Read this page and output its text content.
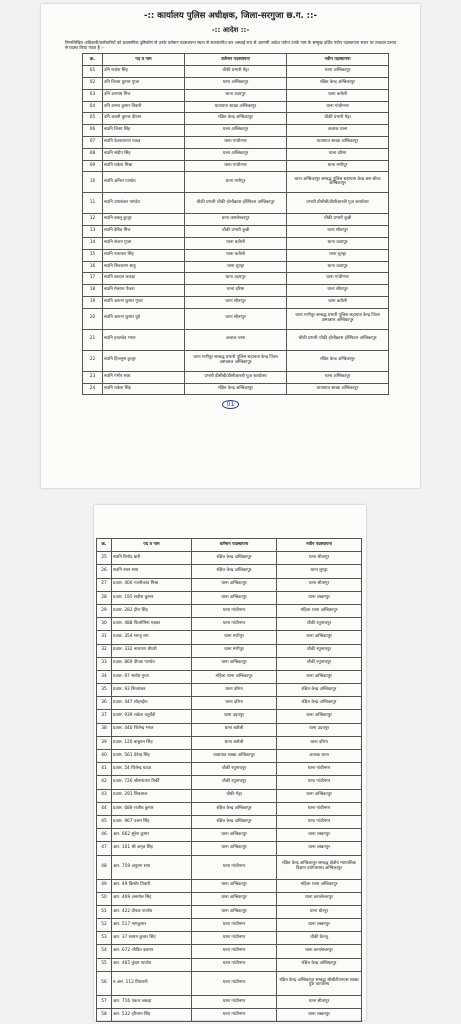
-:: कार्यालय पुलिस अधीक्षक, जिला-सरगुजा छ.ग. ::-
-:: आदेश ::-
निम्नलिखित अधिकारी/कर्मचारियों को प्रशासनिक दृष्टिकोण से उनके वर्तमान पदस्थापना स्थान से स्थानांतरित कर अस्थाई रूप से आगामी आदेश पर्यन्त उनके नाम के सम्मुख दर्शित नवीन पदस्थापना स्थान पर तत्काल प्रभाव से पदस्थ किया जाता है :-
क्र.	पद व नाम	वर्तमान पदस्थापना	नवीन पदस्थापना
01	उनि राजेश सिंह	चौकी प्रभारी मेंड्रा	थाना अम्बिकापुर
02	उनि विजय कुमार गुप्ता	थाना अम्बिकापुर	रक्षित केन्द्र अम्बिकापुर
03	उनि आभाष मिंज	थाना उदयपुर	थाना बतौली
04	उनि अभय कुमार तिवारी	यातायात शाखा अम्बिकापुर	थाना गांधीनगर
05	उनि अवनी कुमार दीवान	रक्षित केन्द्र अम्बिकापुर	चौकी प्रभारी मेंड्रा
06	सउनि विनय सिंह	थाना अम्बिकापुर	अजाक थाना
07	सउनि देवनारायण यादव	थाना गांधीनगर	यातायात शाखा अम्बिकापुर
08	सउनि संदीप सिंह	थाना अम्बिकापुर	थाना दरिमा
09	सउनि राकेश मिश्रा	थाना गांधीनगर	थाना मणीपुर
10	सउनि अनिल पाण्डेय	थाना मणीपुर	थाना अम्बिकापुर सम्बद्ध पुलिस सहायता केन्द्र बस स्टैण्ड अम्बिकापुर
11	सउनि उमाशंकर पाण्डेय	चौकी प्रभारी चौकी होलीक्रास हॉस्पिटल अम्बिकापुर	प्रभारी डीसीबी/डीसीआरबी पुअ कार्यालय
12	सउनि बबलू कुजूर	थाना कमलेश्वरपुर	चौकी प्रभारी कुन्नी
13	सउनि डेविड मिंज	चौकी प्रभारी कुन्नी	थाना सीतापुर
14	सउनि संजय गुप्ता	थाना बतौली	थाना उदयपुर
15	सउनि नारायण सिंह	थाना बतौली	थाना लुण्ड्रा
16	सउनि शिवचरण साहू	थाना लुण्ड्रा	थाना उदयपुर
17	सउनि बरदान लकड़ा	थाना उदयपुर	थाना गांधीनगर
18	सउनि मेतराम पैकरा	थाना दरिमा	थाना सीतापुर
19	सउनि अरूण कुमार गुप्ता	थाना सीतापुर	थाना बतौली
20	सउनि अरूण कुमार दुबे	थाना सीतापुर	थाना मणीपुर सम्बद्ध प्रभारी पुलिस सहायता केन्द्र जिला अस्पताल अम्बिकापुर
21	सउनि हवलदेव भगत	अजाक थाना	चौकी प्रभारी चौकी होलीक्रास हॉस्पिटल अम्बिकापुर
22	सउनि हिजनुस कुजूर	थाना मणीपुर सम्बद्ध प्रभारी पुलिस सहायता केन्द्र जिला अस्पताल अम्बिकापुर	रक्षित केन्द्र अम्बिकापुर
23	सउनि गंभीर साय	प्रभारी डीसीबी/डीसीआरबी पुअ कार्यालय	थाना अम्बिकापुर
24	सउनि राकेश सिंह	रक्षित केन्द्र अम्बिकापुर	यातायात शाखा अम्बिकापुर
01
क्र.	पद व नाम	वर्तमान पदस्थापना	नवीन पदस्थापना
25	सउनि विनोद बारी	रक्षित केन्द्र अम्बिकापुर	थाना सीतापुर
26	सउनि नयन साय	रक्षित केन्द्र अम्बिकापुर	थाना लुण्ड्रा
27	प्रआर. 400 रजनीकांत मिश्रा	थाना अम्बिकापुर	थाना सीतापुर
28	प्रआर. 195 सतीश कुमार	थाना अम्बिकापुर	थाना लखनपुर
29	प्रआर. 282 हीरा सिंह	थाना गांधीनगर	महिला थाना अम्बिकापुर
30	प्रआर. 488 फिलोमिना एक्का	थाना गांधीनगर	चौकी रघुनाथपुर
31	प्रआर. 354 सरजू राम	थाना मणीपुर	थाना अम्बिकापुर
32	प्रआर. 332 नारायण चौधरी	थाना मणीपुर	चौकी रघुनाथपुर
33	प्रआर. 869 दीपक पाण्डेय	थाना अम्बिकापुर	चौकी रघुनाथपुर
34	प्रआर. 97 संतोष गुप्ता	महिला थाना अम्बिकापुर	थाना अम्बिकापुर
35	प्रआर. 93 शिवशंकर	थाना दरिमा	रक्षित केन्द्र अम्बिकापुर
36	प्रआर. 447 सोहरईया	थाना दरिमा	रक्षित केन्द्र अम्बिकापुर
37	प्रआर. 939 राकेश चतुर्वेदी	थाना उदयपुर	थाना अम्बिकापुर
38	प्रआर. 440 जितेन्द्र भगत	थाना बतौली	थाना उदयपुर
39	प्रआर. 120 बाबुधन सिंह	थाना बतौली	थाना दरिमा
40	प्रआर. 561 देवेन्द्र सिंह	यातायात शाखा अम्बिकापुर	अजाक थाना
41	प्रआर. 54 जितेन्द्र यादव	चौकी रघुनाथपुर	थाना गांधीनगर
42	प्रआर. 726 श्रीनारायण तिर्की	चौकी रघुनाथपुर	थाना गांधीनगर
43	प्रआर. 291 शिवलाल	चौकी मेंड्रा	थाना अम्बिकापुर
44	प्रआर. 689 राजीव कुमार	रक्षित केन्द्र अम्बिकापुर	थाना गांधीनगर
45	प्रआर. 967 उत्तम सिंह	रक्षित केन्द्र अम्बिकापुर	थाना गांधीनगर
46	आर. 662 सुरेश कुमार	थाना अम्बिकापुर	थाना लखनपुर
47	आर. 101 श्री अमृत सिंह	थाना अम्बिकापुर	थाना लखनपुर
48	आर. 759 अनुराग साय	थाना गांधीनगर	रक्षित केन्द्र अम्बिकापुर सम्बद्ध क्षेत्रीय न्यायालिक विज्ञान प्रयोगशाला अम्बिकापुर
49	आर. 49 किशोर तिवारी	थाना अम्बिकापुर	महिला थाना अम्बिकापुर
50	आर. 469 अनमोल सिंह	थाना अम्बिकापुर	थाना कमलेश्वरपुर
51	आर. 422 दीपक पाण्डेय	थाना अम्बिकापुर	थाना धौरपुर
52	आर. 517 नागकुमार	थाना गांधीनगर	थाना लखनपुर
53	आर. 37 सत्यम कुमार सिंह	थाना गांधीनगर	चौकी कैरजू
54	आर. 672 जीवित कश्यप	थाना गांधीनगर	थाना कमलेश्वरपुर
55	आर. 465 कुंदन पाण्डेय	थाना गांधीनगर	रक्षित केन्द्र अम्बिकापुर
56	न.आर. 112 प्रियरानी	थाना गांधीनगर	रक्षित केन्द्र अम्बिकापुर सम्बद्ध सीसीटीएनएस शाखा पुअ कार्यालय
57	आर. 716 पंकज लकड़ा	थाना गांधीनगर	थाना सीतापुर
58	आर. 532 हरिनाम सिंह	थाना गांधीनगर	थाना लखनपुर
